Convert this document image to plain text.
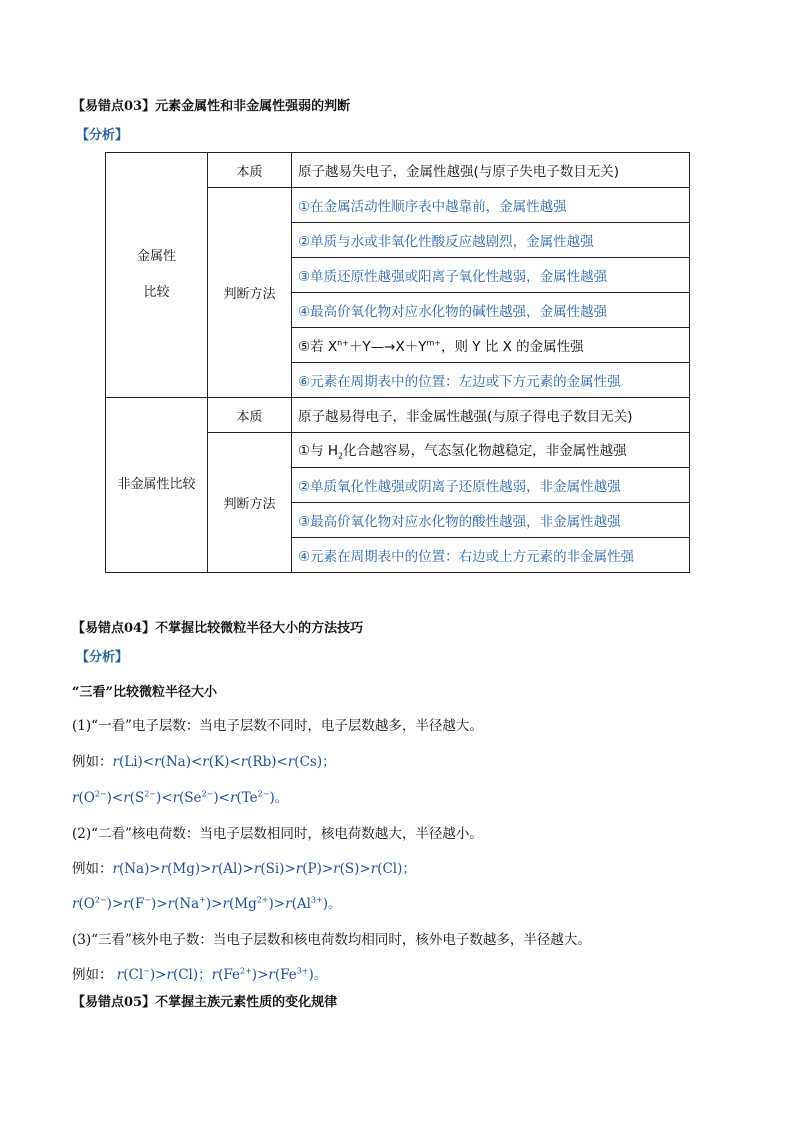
【易错点03】元素金属性和非金属性强弱的判断
【分析】
金属性
比较	本质	原子越易失电子，金属性越强(与原子失电子数目无关)
	判断方法	①在金属活动性顺序表中越靠前，金属性越强
		②单质与水或非氧化性酸反应越剧烈，金属性越强
		③单质还原性越强或阳离子氧化性越弱，金属性越强
		④最高价氧化物对应水化物的碱性越强，金属性越强
		⑤若 $X^{n+}+Y—\to X+Y^{m+}$，则 Y 比 X 的金属性强
		⑥元素在周期表中的位置：左边或下方元素的金属性强
非金属性比较	本质	原子越易得电子，非金属性越强(与原子得电子数目无关)
	判断方法	①与 $H_2$化合越容易，气态氢化物越稳定，非金属性越强
		②单质氧化性越强或阴离子还原性越弱，非金属性越强
		③最高价氧化物对应水化物的酸性越强，非金属性越强
		④元素在周期表中的位置：右边或上方元素的非金属性强
【易错点04】不掌握比较微粒半径大小的方法技巧
【分析】
“三看”比较微粒半径大小
(1)“一看”电子层数：当电子层数不同时，电子层数越多，半径越大。
例如：r(Li)<r(Na)<r(K)<r(Rb)<r(Cs)；
$r(O^{2-})<r(S^{2-})<r(Se^{2-})<r(Te^{2-})$。
(2)“二看”核电荷数：当电子层数相同时，核电荷数越大，半径越小。
例如：r(Na)>r(Mg)>r(Al)>r(Si)>r(P)>r(S)>r(Cl)；
$r(O^{2-})>r(F^-)>r(Na^+)>r(Mg^{2+})>r(Al^{3+})$。
(3)“三看”核外电子数：当电子层数和核电荷数均相同时，核外电子数越多，半径越大。
例如： r(Cl−)>r(Cl)；$r(Fe^{2+})>r(Fe^{3+})$。
【易错点05】不掌握主族元素性质的变化规律
